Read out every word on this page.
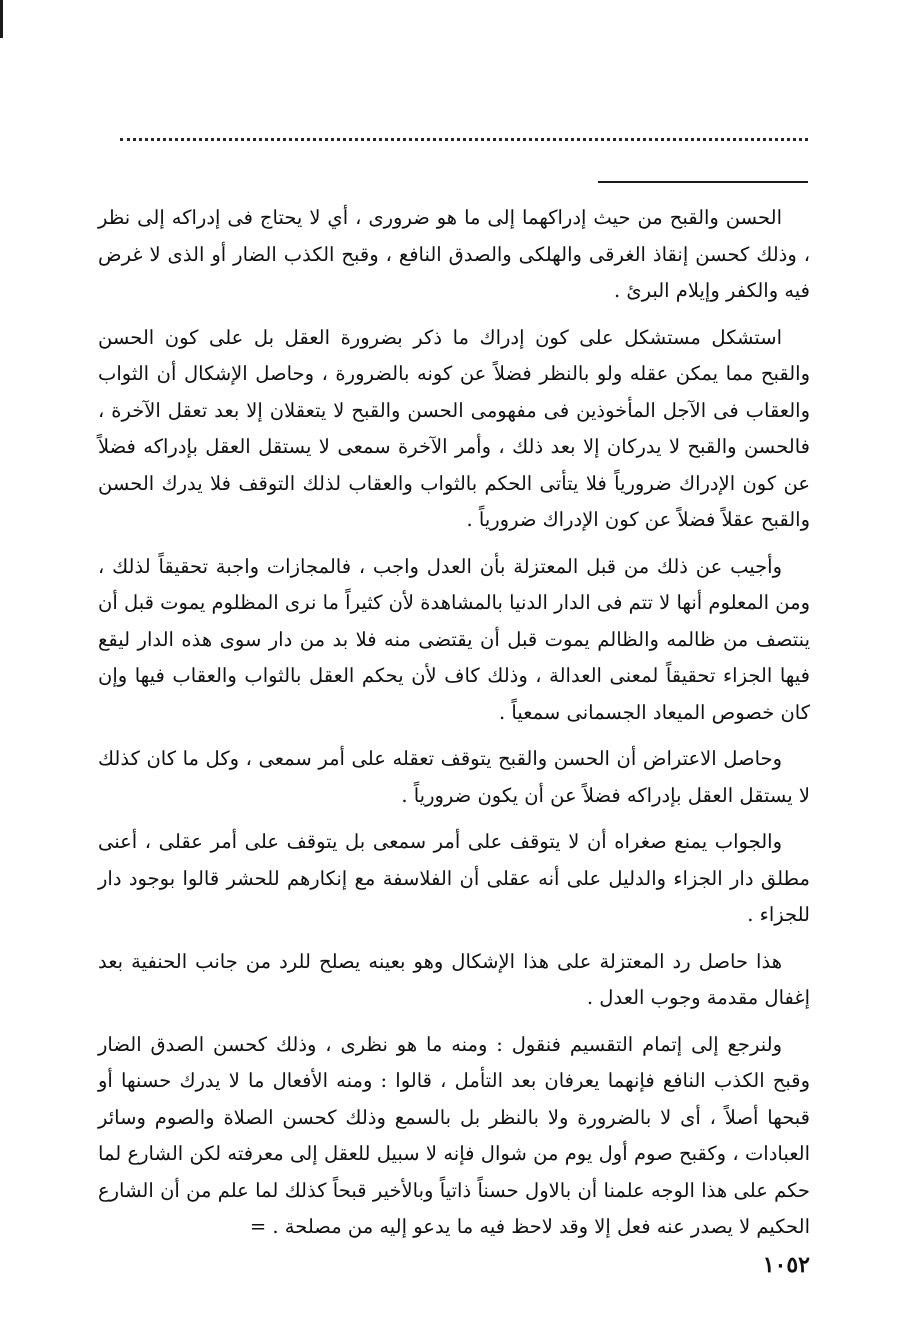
الحسن والقبح من حيث إدراكهما إلى ما هو ضرورى ، أي لا يحتاج فى إدراكه إلى نظر ، وذلك كحسن إنقاذ الغرقى والهلكى والصدق النافع ، وقبح الكذب الضار أو الذى لا غرض فيه والكفر وإيلام البرئ .

استشكل مستشكل على كون إدراك ما ذكر بضرورة العقل بل على كون الحسن والقبح مما يمكن عقله ولو بالنظر فضلاً عن كونه بالضرورة ، وحاصل الإشكال أن الثواب والعقاب فى الآجل المأخوذين فى مفهومى الحسن والقبح لا يتعقلان إلا بعد تعقل الآخرة ، فالحسن والقبح لا يدركان إلا بعد ذلك ، وأمر الآخرة سمعى لا يستقل العقل بإدراكه فضلاً عن كون الإدراك ضرورياً فلا يتأتى الحكم بالثواب والعقاب لذلك التوقف فلا يدرك الحسن والقبح عقلاً فضلاً عن كون الإدراك ضرورياً .

وأجيب عن ذلك من قبل المعتزلة بأن العدل واجب ، فالمجازات واجبة تحقيقاً لذلك ، ومن المعلوم أنها لا تتم فى الدار الدنيا بالمشاهدة لأن كثيراً ما نرى المظلوم يموت قبل أن ينتصف من ظالمه والظالم يموت قبل أن يقتضى منه فلا بد من دار سوى هذه الدار ليقع فيها الجزاء تحقيقاً لمعنى العدالة ، وذلك كاف لأن يحكم العقل بالثواب والعقاب فيها وإن كان خصوص الميعاد الجسمانى سمعياً .

وحاصل الاعتراض أن الحسن والقبح يتوقف تعقله على أمر سمعى ، وكل ما كان كذلك لا يستقل العقل بإدراكه فضلاً عن أن يكون ضرورياً .

والجواب يمنع صغراه أن لا يتوقف على أمر سمعى بل يتوقف على أمر عقلى ، أعنى مطلق دار الجزاء والدليل على أنه عقلى أن الفلاسفة مع إنكارهم للحشر قالوا بوجود دار للجزاء .

هذا حاصل رد المعتزلة على هذا الإشكال وهو بعينه يصلح للرد من جانب الحنفية بعد إغفال مقدمة وجوب العدل .

ولنرجع إلى إتمام التقسيم فنقول : ومنه ما هو نظرى ، وذلك كحسن الصدق الضار وقبح الكذب النافع فإنهما يعرفان بعد التأمل ، قالوا : ومنه الأفعال ما لا يدرك حسنها أو قبحها أصلاً ، أى لا بالضرورة ولا بالنظر بل بالسمع وذلك كحسن الصلاة والصوم وسائر العبادات ، وكقبح صوم أول يوم من شوال فإنه لا سبيل للعقل إلى معرفته لكن الشارع لما حكم على هذا الوجه علمنا أن بالاول حسناً ذاتياً وبالأخير قبحاً كذلك لما علم من أن الشارع الحكيم لا يصدر عنه فعل إلا وقد لاحظ فيه ما يدعو إليه من مصلحة . =

١٠٥٢
